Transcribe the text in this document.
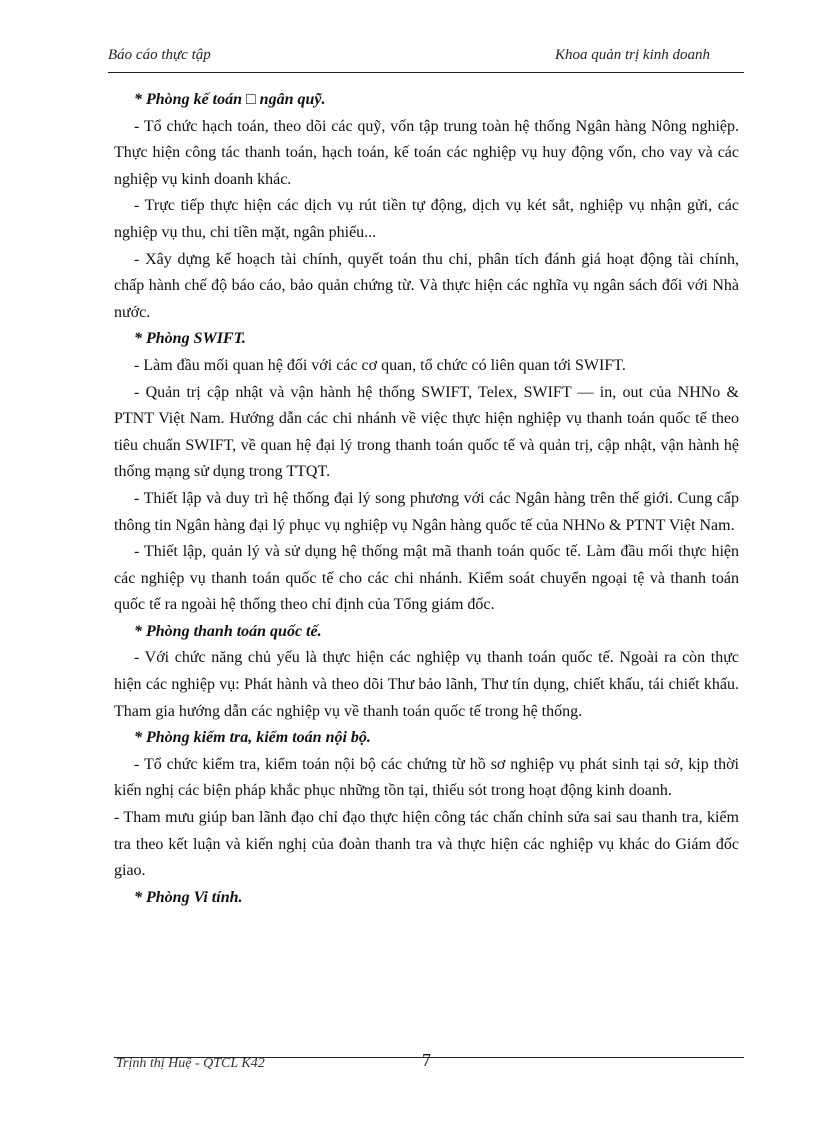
Báo cáo thực tập	Khoa quản trị kinh doanh

* Phòng kế toán □ ngân quỹ.

- Tổ chức hạch toán, theo dõi các quỹ, vốn tập trung toàn hệ thống Ngân hàng Nông nghiệp. Thực hiện công tác thanh toán, hạch toán, kế toán các nghiệp vụ huy động vốn, cho vay và các nghiệp vụ kinh doanh khác.

- Trực tiếp thực hiện các dịch vụ rút tiền tự động, dịch vụ két sắt, nghiệp vụ nhận gửi, các nghiệp vụ thu, chi tiền mặt, ngân phiếu...

- Xây dựng kế hoạch tài chính, quyết toán thu chi, phân tích đánh giá hoạt động tài chính, chấp hành chế độ báo cáo, bảo quản chứng từ. Và thực hiện các nghĩa vụ ngân sách đối với Nhà nước.

* Phòng SWIFT.

- Làm đầu mối quan hệ đối với các cơ quan, tổ chức có liên quan tới SWIFT.

- Quản trị cập nhật và vận hành hệ thống SWIFT, Telex, SWIFT — in, out của NHNo & PTNT Việt Nam. Hướng dẫn các chi nhánh về việc thực hiện nghiệp vụ thanh toán quốc tế theo tiêu chuẩn SWIFT, về quan hệ đại lý trong thanh toán quốc tế và quản trị, cập nhật, vận hành hệ thống mạng sử dụng trong TTQT.

- Thiết lập và duy trì hệ thống đại lý song phương với các Ngân hàng trên thế giới. Cung cấp thông tin Ngân hàng đại lý phục vụ nghiệp vụ Ngân hàng quốc tế của NHNo & PTNT Việt Nam.

- Thiết lập, quản lý và sử dụng hệ thống mật mã thanh toán quốc tế. Làm đầu mối thực hiện các nghiệp vụ thanh toán quốc tế cho các chi nhánh. Kiểm soát chuyển ngoại tệ và thanh toán quốc tế ra ngoài hệ thống theo chỉ định của Tổng giám đốc.

* Phòng thanh toán quốc tế.

- Với chức năng chủ yếu là thực hiện các nghiệp vụ thanh toán quốc tế. Ngoài ra còn thực hiện các nghiệp vụ: Phát hành và theo dõi Thư bảo lãnh, Thư tín dụng, chiết khấu, tái chiết khấu. Tham gia hướng dẫn các nghiệp vụ về thanh toán quốc tế trong hệ thống.

* Phòng kiểm tra, kiểm toán nội bộ.

- Tổ chức kiểm tra, kiểm toán nội bộ các chứng từ hồ sơ nghiệp vụ phát sinh tại sở, kịp thời kiến nghị các biện pháp khắc phục những tồn tại, thiếu sót trong hoạt động kinh doanh.

- Tham mưu giúp ban lãnh đạo chỉ đạo thực hiện công tác chấn chỉnh sửa sai sau thanh tra, kiểm tra theo kết luận và kiến nghị của đoàn thanh tra và thực hiện các nghiệp vụ khác do Giám đốc giao.

* Phòng Vi tính.

Trịnh thị Huệ - QTCL K42	7
